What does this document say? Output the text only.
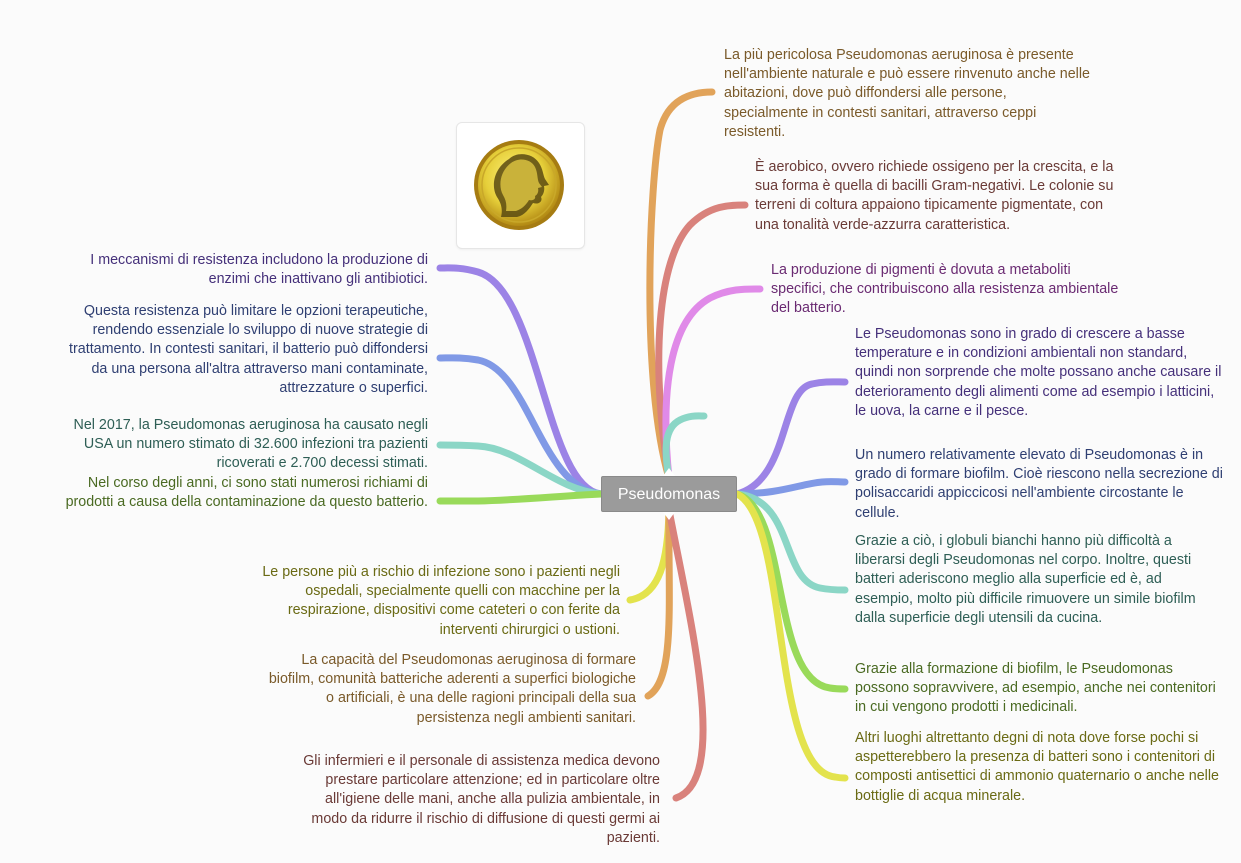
Pseudomonas

La più pericolosa Pseudomonas aeruginosa è presente nell'ambiente naturale e può essere rinvenuto anche nelle abitazioni, dove può diffondersi alle persone, specialmente in contesti sanitari, attraverso ceppi resistenti.

È aerobico, ovvero richiede ossigeno per la crescita, e la sua forma è quella di bacilli Gram-negativi. Le colonie su terreni di coltura appaiono tipicamente pigmentate, con una tonalità verde-azzurra caratteristica.

La produzione di pigmenti è dovuta a metaboliti specifici, che contribuiscono alla resistenza ambientale del batterio.

Le Pseudomonas sono in grado di crescere a basse temperature e in condizioni ambientali non standard, quindi non sorprende che molte possano anche causare il deterioramento degli alimenti come ad esempio i latticini, le uova, la carne e il pesce.

Un numero relativamente elevato di Pseudomonas è in grado di formare biofilm. Cioè riescono nella secrezione di polisaccaridi appiccicosi nell'ambiente circostante le cellule.

Grazie a ciò, i globuli bianchi hanno più difficoltà a liberarsi degli Pseudomonas nel corpo. Inoltre, questi batteri aderiscono meglio alla superficie ed è, ad esempio, molto più difficile rimuovere un simile biofilm dalla superficie degli utensili da cucina.

Grazie alla formazione di biofilm, le Pseudomonas possono sopravvivere, ad esempio, anche nei contenitori in cui vengono prodotti i medicinali.

Altri luoghi altrettanto degni di nota dove forse pochi si aspetterebbero la presenza di batteri sono i contenitori di composti antisettici di ammonio quaternario o anche nelle bottiglie di acqua minerale.

I meccanismi di resistenza includono la produzione di enzimi che inattivano gli antibiotici.

Questa resistenza può limitare le opzioni terapeutiche, rendendo essenziale lo sviluppo di nuove strategie di trattamento. In contesti sanitari, il batterio può diffondersi da una persona all'altra attraverso mani contaminate, attrezzature o superfici.

Nel 2017, la Pseudomonas aeruginosa ha causato negli USA un numero stimato di 32.600 infezioni tra pazienti ricoverati e 2.700 decessi stimati.

Nel corso degli anni, ci sono stati numerosi richiami di prodotti a causa della contaminazione da questo batterio.

Le persone più a rischio di infezione sono i pazienti negli ospedali, specialmente quelli con macchine per la respirazione, dispositivi come cateteri o con ferite da interventi chirurgici o ustioni.

La capacità del Pseudomonas aeruginosa di formare biofilm, comunità batteriche aderenti a superfici biologiche o artificiali, è una delle ragioni principali della sua persistenza negli ambienti sanitari.

Gli infermieri e il personale di assistenza medica devono prestare particolare attenzione; ed in particolare oltre all'igiene delle mani, anche alla pulizia ambientale, in modo da ridurre il rischio di diffusione di questi germi ai pazienti.
